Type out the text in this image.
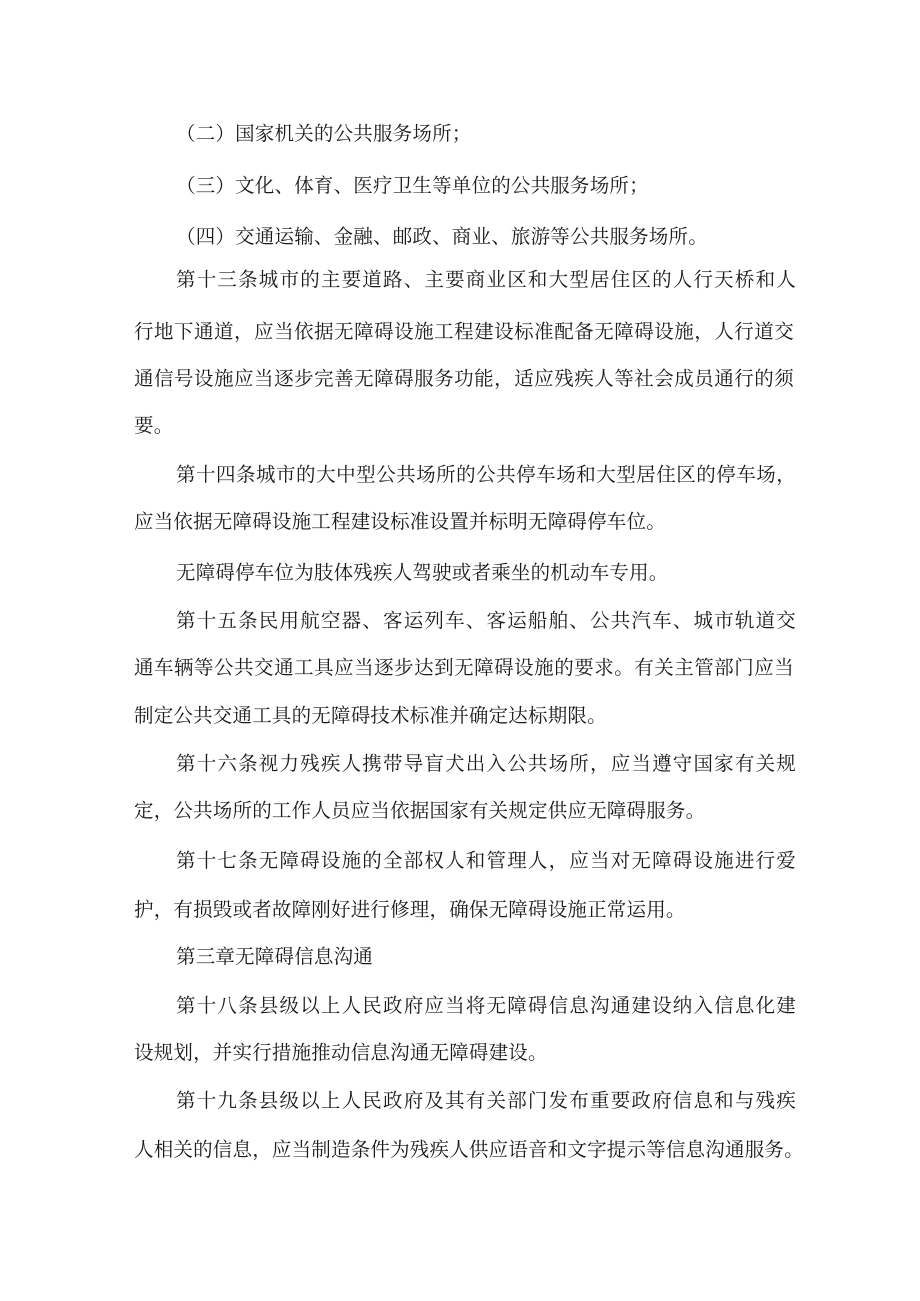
（二）国家机关的公共服务场所；
（三）文化、体育、医疗卫生等单位的公共服务场所；
（四）交通运输、金融、邮政、商业、旅游等公共服务场所。
第十三条城市的主要道路、主要商业区和大型居住区的人行天桥和人
行地下通道，应当依据无障碍设施工程建设标准配备无障碍设施，人行道交
通信号设施应当逐步完善无障碍服务功能，适应残疾人等社会成员通行的须
要。
第十四条城市的大中型公共场所的公共停车场和大型居住区的停车场，
应当依据无障碍设施工程建设标准设置并标明无障碍停车位。
无障碍停车位为肢体残疾人驾驶或者乘坐的机动车专用。
第十五条民用航空器、客运列车、客运船舶、公共汽车、城市轨道交
通车辆等公共交通工具应当逐步达到无障碍设施的要求。有关主管部门应当
制定公共交通工具的无障碍技术标准并确定达标期限。
第十六条视力残疾人携带导盲犬出入公共场所，应当遵守国家有关规
定，公共场所的工作人员应当依据国家有关规定供应无障碍服务。
第十七条无障碍设施的全部权人和管理人，应当对无障碍设施进行爱
护，有损毁或者故障刚好进行修理，确保无障碍设施正常运用。
第三章无障碍信息沟通
第十八条县级以上人民政府应当将无障碍信息沟通建设纳入信息化建
设规划，并实行措施推动信息沟通无障碍建设。
第十九条县级以上人民政府及其有关部门发布重要政府信息和与残疾
人相关的信息，应当制造条件为残疾人供应语音和文字提示等信息沟通服务。
